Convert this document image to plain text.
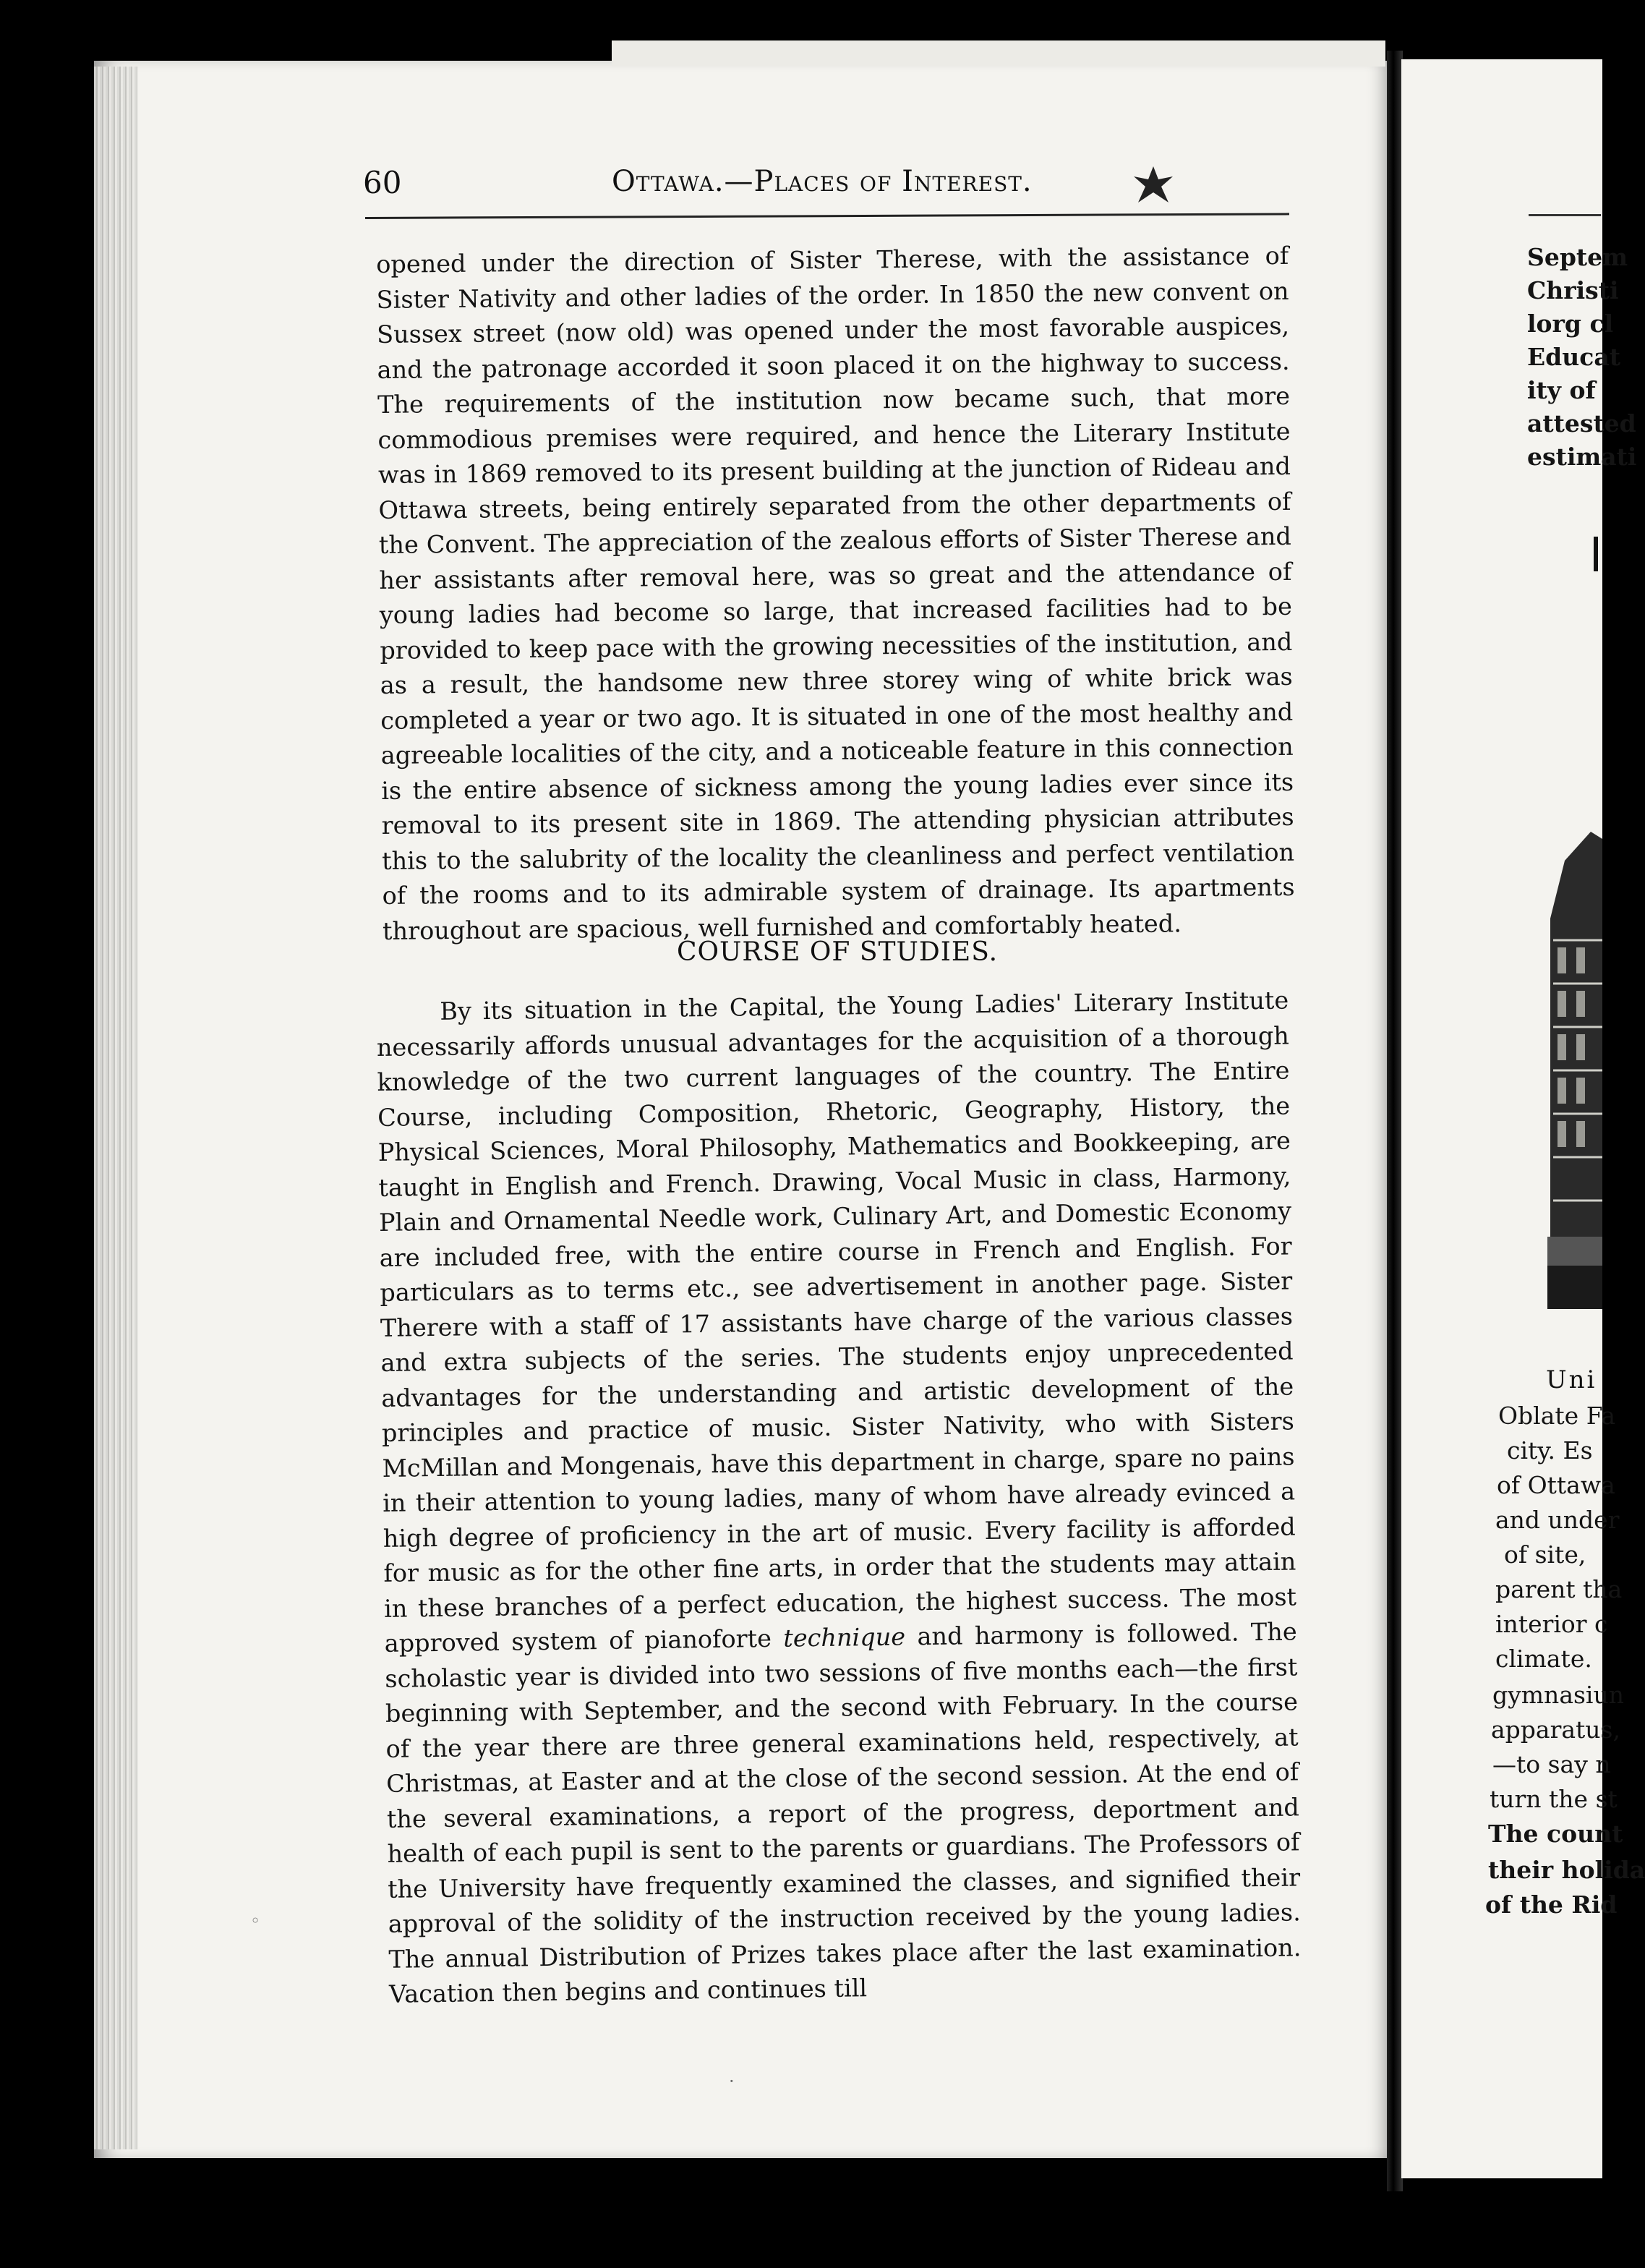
60	Ottawa.—Places of Interest.
opened under the direction of Sister Therese, with the assistance of Sister Nativity and other ladies of the order. In 1850 the new convent on Sussex street (now old) was opened under the most favorable auspices, and the patronage accorded it soon placed it on the highway to success. The requirements of the institution now became such, that more commodious premises were required, and hence the Literary Institute was in 1869 removed to its present building at the junction of Rideau and Ottawa streets, being entirely separated from the other departments of the Convent. The appreciation of the zealous efforts of Sister Therese and her assistants after removal here, was so great and the attendance of young ladies had become so large, that increased facilities had to be provided to keep pace with the growing necessities of the institution, and as a result, the handsome new three storey wing of white brick was completed a year or two ago. It is situated in one of the most healthy and agreeable localities of the city, and a noticeable feature in this connection is the entire absence of sickness among the young ladies ever since its removal to its present site in 1869. The attending physician attributes this to the salubrity of the locality the cleanliness and perfect ventilation of the rooms and to its admirable system of drainage. Its apartments throughout are spacious, well furnished and comfortably heated.
COURSE OF STUDIES.
By its situation in the Capital, the Young Ladies' Literary Institute necessarily affords unusual advantages for the acquisition of a thorough knowledge of the two current languages of the country. The Entire Course, including Composition, Rhetoric, Geography, History, the Physical Sciences, Moral Philosophy, Mathematics and Bookkeeping, are taught in English and French. Drawing, Vocal Music in class, Harmony, Plain and Ornamental Needle work, Culinary Art, and Domestic Economy are included free, with the entire course in French and English. For particulars as to terms etc., see advertisement in another page. Sister Therere with a staff of 17 assistants have charge of the various classes and extra subjects of the series. The students enjoy unprecedented advantages for the understanding and artistic development of the principles and practice of music. Sister Nativity, who with Sisters McMillan and Mongenais, have this department in charge, spare no pains in their attention to young ladies, many of whom have already evinced a high degree of proficiency in the art of music. Every facility is afforded for music as for the other fine arts, in order that the students may attain in these branches of a perfect education, the highest success. The most approved system of pianoforte technique and harmony is followed. The scholastic year is divided into two sessions of five months each—the first beginning with September, and the second with February. In the course of the year there are three general examinations held, respectively, at Christmas, at Easter and at the close of the second session. At the end of the several examinations, a report of the progress, deportment and health of each pupil is sent to the parents or guardians. The Professors of the University have frequently examined the classes, and signified their approval of the solidity of the instruction received by the young ladies. The annual Distribution of Prizes takes place after the last examination. Vacation then begins and continues till
Septem
Christi
lorg cl
Educat
ity of
attested
estimati
Uni
Oblate Fa
city. Es
of Ottawa
and under
of site,
parent tha
interior c
climate.
gymnasiun
apparatus,
—to say n
turn the st
The count
their holida
of the Rid
◦
·
